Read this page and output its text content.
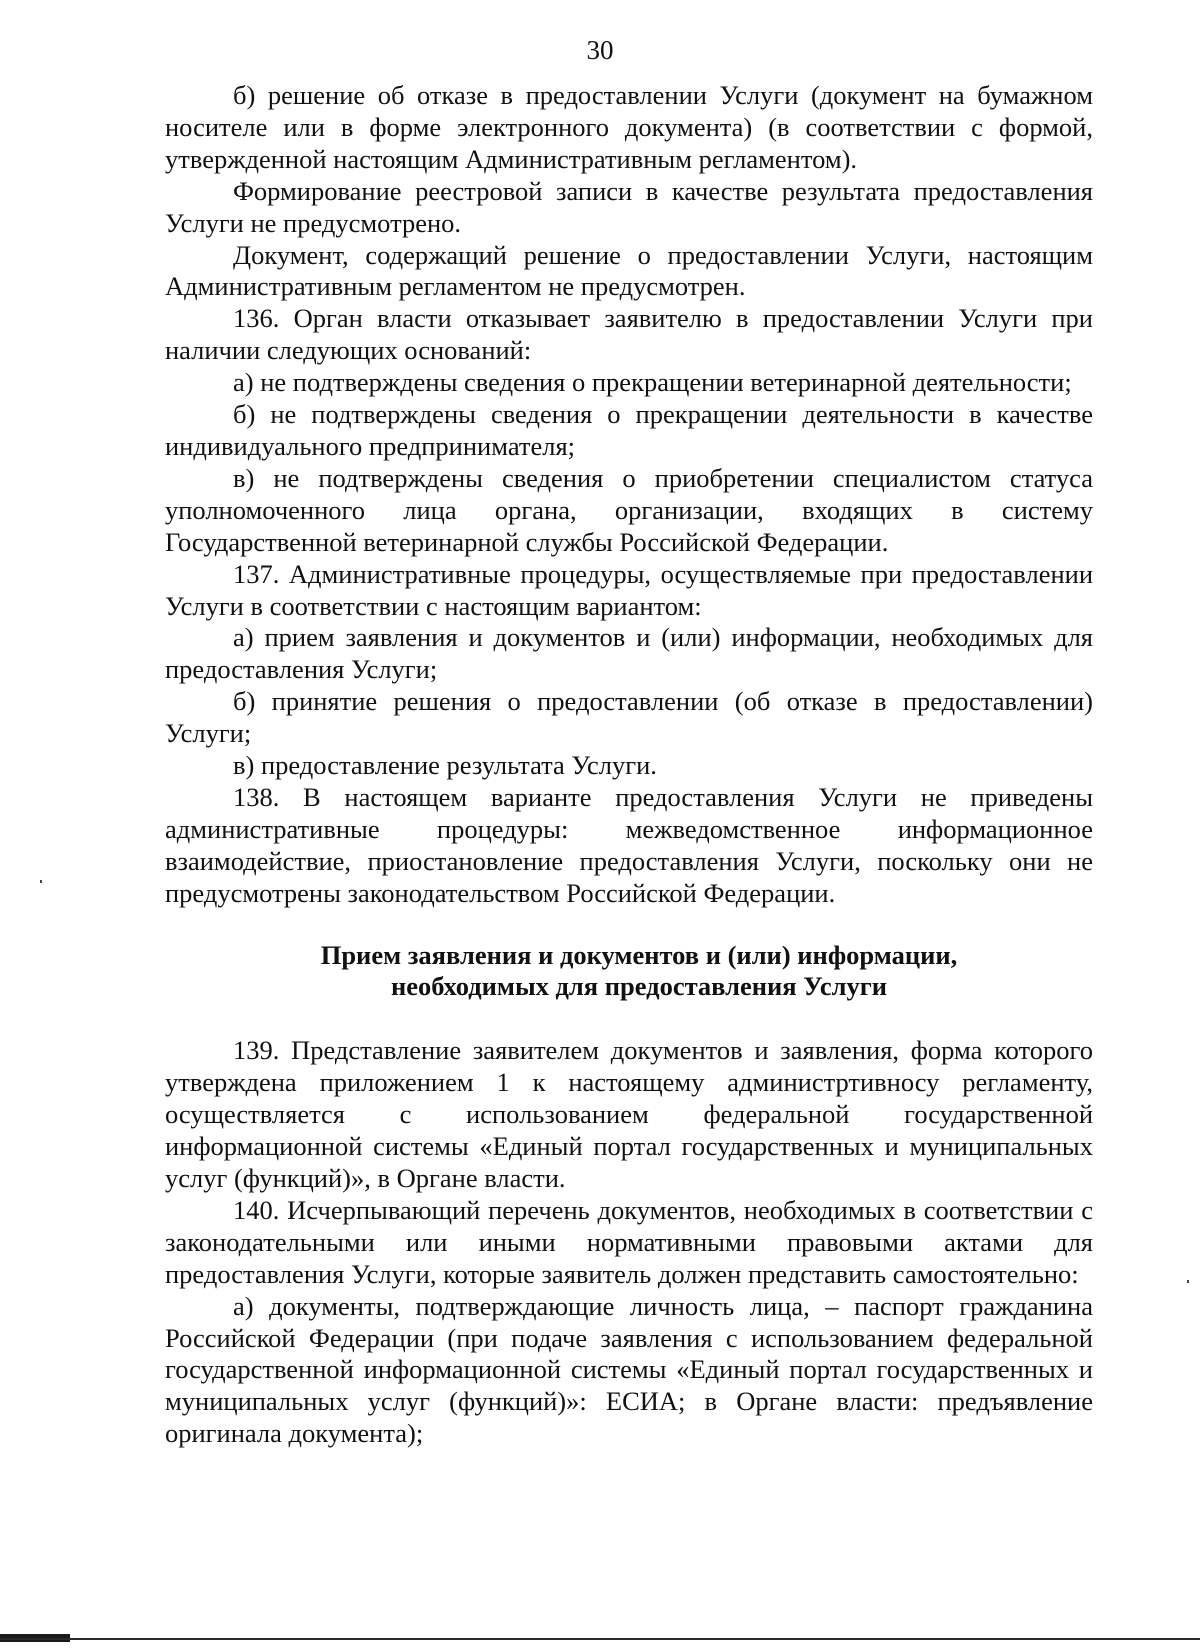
30

б) решение об отказе в предоставлении Услуги (документ на бумажном носителе или в форме электронного документа) (в соответствии с формой, утвержденной настоящим Административным регламентом).

Формирование реестровой записи в качестве результата предоставления Услуги не предусмотрено.

Документ, содержащий решение о предоставлении Услуги, настоящим Административным регламентом не предусмотрен.

136. Орган власти отказывает заявителю в предоставлении Услуги при наличии следующих оснований:

а) не подтверждены сведения о прекращении ветеринарной деятельности;

б) не подтверждены сведения о прекращении деятельности в качестве индивидуального предпринимателя;

в) не подтверждены сведения о приобретении специалистом статуса уполномоченного лица органа, организации, входящих в систему Государственной ветеринарной службы Российской Федерации.

137. Административные процедуры, осуществляемые при предоставлении Услуги в соответствии с настоящим вариантом:

а) прием заявления и документов и (или) информации, необходимых для предоставления Услуги;

б) принятие решения о предоставлении (об отказе в предоставлении) Услуги;

в) предоставление результата Услуги.

138. В настоящем варианте предоставления Услуги не приведены административные процедуры: межведомственное информационное взаимодействие, приостановление предоставления Услуги, поскольку они не предусмотрены законодательством Российской Федерации.

Прием заявления и документов и (или) информации,

необходимых для предоставления Услуги

139. Представление заявителем документов и заявления, форма которого утверждена приложением 1 к настоящему администртивносу регламенту, осуществляется с использованием федеральной государственной информационной системы «Единый портал государственных и муниципальных услуг (функций)», в Органе власти.

140. Исчерпывающий перечень документов, необходимых в соответствии с законодательными или иными нормативными правовыми актами для предоставления Услуги, которые заявитель должен представить самостоятельно:

а) документы, подтверждающие личность лица, – паспорт гражданина Российской Федерации (при подаче заявления с использованием федеральной государственной информационной системы «Единый портал государственных и муниципальных услуг (функций)»: ЕСИА; в Органе власти: предъявление оригинала документа);
